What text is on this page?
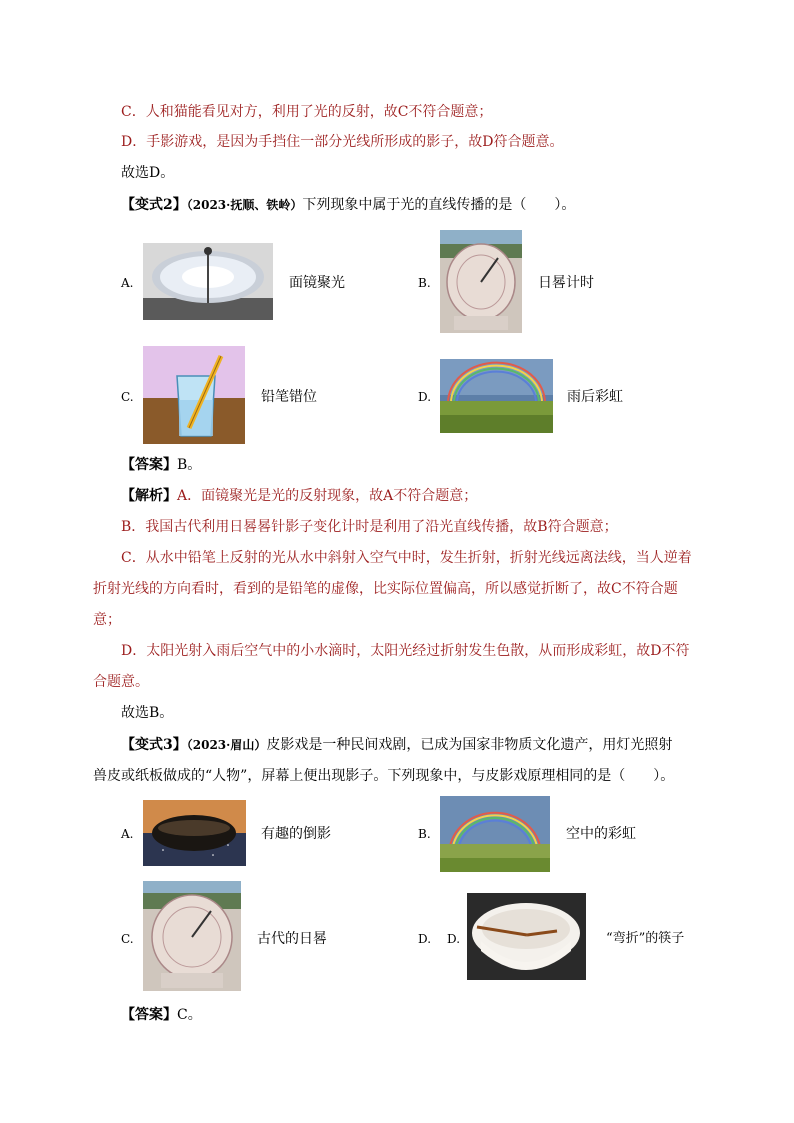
C．人和猫能看见对方，利用了光的反射，故C不符合题意；
D．手影游戏，是因为手挡住一部分光线所形成的影子，故D符合题意。
故选D。
【变式2】（2023·抚顺、铁岭）下列现象中属于光的直线传播的是（　　）。
A.	面镜聚光	B.	日晷计时
C.	铅笔错位	D.	雨后彩虹
【答案】B。
【解析】A．面镜聚光是光的反射现象，故A不符合题意；
B．我国古代利用日晷晷针影子变化计时是利用了沿光直线传播，故B符合题意；
C．从水中铅笔上反射的光从水中斜射入空气中时，发生折射，折射光线远离法线，当人逆着
折射光线的方向看时，看到的是铅笔的虚像，比实际位置偏高，所以感觉折断了，故C不符合题
意；
D．太阳光射入雨后空气中的小水滴时，太阳光经过折射发生色散，从而形成彩虹，故D不符
合题意。
故选B。
【变式3】（2023·眉山）皮影戏是一种民间戏剧，已成为国家非物质文化遗产，用灯光照射
兽皮或纸板做成的“人物”，屏幕上便出现影子。下列现象中，与皮影戏原理相同的是（　　）。
A.	有趣的倒影	B.	空中的彩虹
C.	古代的日晷	D. D.	“弯折”的筷子
【答案】C。
